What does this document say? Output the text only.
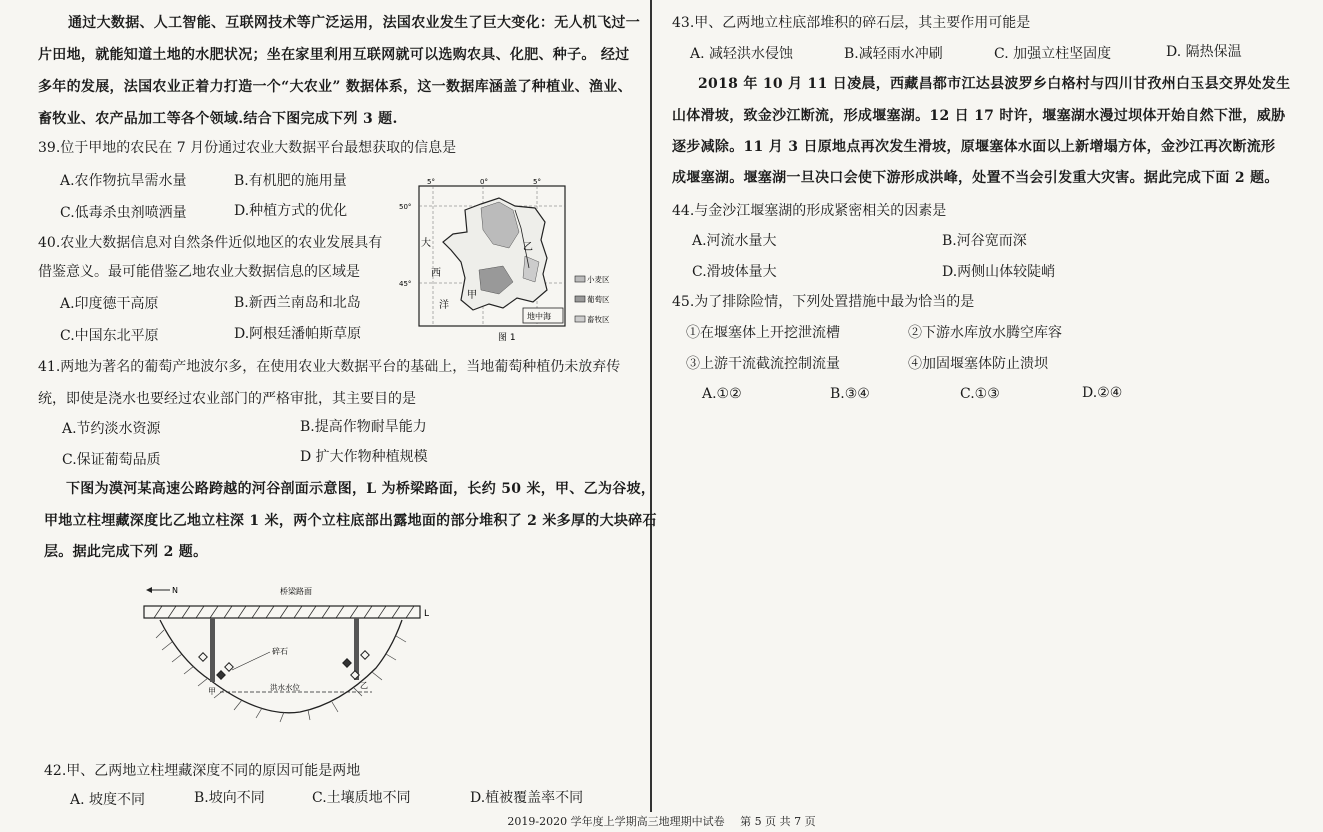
通过大数据、人工智能、互联网技术等广泛运用，法国农业发生了巨大变化：无人机飞过一
片田地，就能知道土地的水肥状况；坐在家里利用互联网就可以选购农具、化肥、种子。 经过
多年的发展，法国农业正着力打造一个“大农业” 数据体系，这一数据库涵盖了种植业、渔业、
畜牧业、农产品加工等各个领域.结合下图完成下列 3 题.
39.位于甲地的农民在 7 月份通过农业大数据平台最想获取的信息是
A.农作物抗旱需水量	B.有机肥的施用量
C.低毒杀虫剂喷洒量	D.种植方式的优化
40.农业大数据信息对自然条件近似地区的农业发展具有
借鉴意义。最可能借鉴乙地农业大数据信息的区域是
A.印度德干高原	B.新西兰南岛和北岛
C.中国东北平原	D.阿根廷潘帕斯草原
41.两地为著名的葡萄产地波尔多，在使用农业大数据平台的基础上，当地葡萄种植仍未放弃传
统，即使是浇水也要经过农业部门的严格审批，其主要目的是
A.节约淡水资源	B.提高作物耐旱能力
C.保证葡萄品质	D 扩大作物种植规模
下图为漠河某高速公路跨越的河谷剖面示意图，L 为桥梁路面，长约 50 米，甲、乙为谷坡，
甲地立柱埋藏深度比乙地立柱深 1 米，两个立柱底部出露地面的部分堆积了 2 米多厚的大块碎石
层。据此完成下列 2 题。
42.甲、乙两地立柱埋藏深度不同的原因可能是两地
A. 坡度不同	B.坡向不同	C.土壤质地不同	D.植被覆盖率不同
5°	0°	5°
50°
45°
大
西
洋
甲
乙
地中海
小麦区
葡萄区
畜牧区
图 1
N	桥梁路面
L
碎石
甲
乙
洪水水位
43.甲、乙两地立柱底部堆积的碎石层，其主要作用可能是
A. 减轻洪水侵蚀	B.减轻雨水冲刷	C. 加强立柱坚固度	D. 隔热保温
2018 年 10 月 11 日凌晨，西藏昌都市江达县波罗乡白格村与四川甘孜州白玉县交界处发生
山体滑坡，致金沙江断流，形成堰塞湖。12 日 17 时许，堰塞湖水漫过坝体开始自然下泄，威胁
逐步减除。11 月 3 日原地点再次发生滑坡，原堰塞体水面以上新增塌方体，金沙江再次断流形
成堰塞湖。堰塞湖一旦决口会使下游形成洪峰，处置不当会引发重大灾害。据此完成下面 2 题。
44.与金沙江堰塞湖的形成紧密相关的因素是
A.河流水量大	B.河谷宽而深
C.滑坡体量大	D.两侧山体较陡峭
45.为了排除险情，下列处置措施中最为恰当的是
①在堰塞体上开挖泄流槽	②下游水库放水腾空库容
③上游干流截流控制流量	④加固堰塞体防止溃坝
A.①②	B.③④	C.①③	D.②④
2019-2020 学年度上学期高三地理期中试卷 第 5 页 共 7 页
